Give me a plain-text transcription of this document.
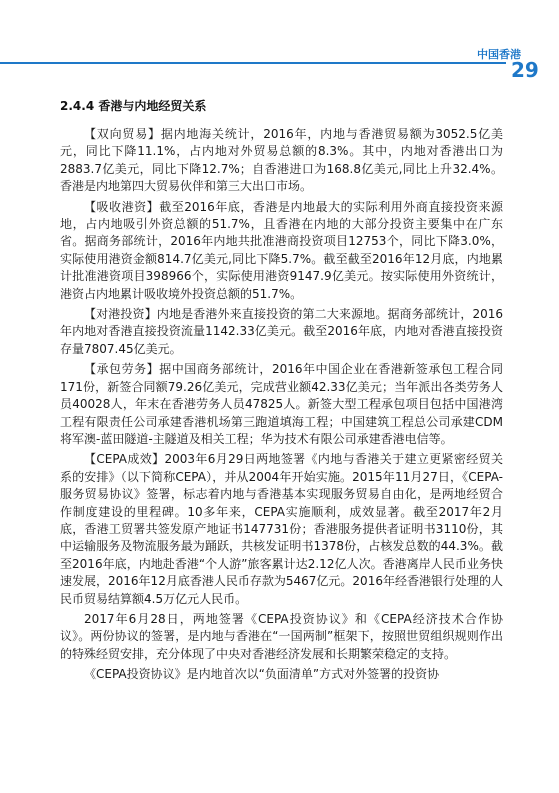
中国香港
29
2.4.4 香港与内地经贸关系

【双向贸易】据内地海关统计，2016年，内地与香港贸易额为3052.5亿美元，同比下降11.1%，占内地对外贸易总额的8.3%。其中，内地对香港出口为2883.7亿美元，同比下降12.7%；自香港进口为168.8亿美元,同比上升32.4%。香港是内地第四大贸易伙伴和第三大出口市场。

【吸收港资】截至2016年底，香港是内地最大的实际利用外商直接投资来源地，占内地吸引外资总额的51.7%，且香港在内地的大部分投资主要集中在广东省。据商务部统计，2016年内地共批准港商投资项目12753个，同比下降3.0%，实际使用港资金额814.7亿美元,同比下降5.7%。截至截至2016年12月底，内地累计批准港资项目398966个，实际使用港资9147.9亿美元。按实际使用外资统计，港资占内地累计吸收境外投资总额的51.7%。

【对港投资】内地是香港外来直接投资的第二大来源地。据商务部统计，2016年内地对香港直接投资流量1142.33亿美元。截至2016年底，内地对香港直接投资存量7807.45亿美元。

【承包劳务】据中国商务部统计，2016年中国企业在香港新签承包工程合同171份，新签合同额79.26亿美元，完成营业额42.33亿美元；当年派出各类劳务人员40028人，年末在香港劳务人员47825人。新签大型工程承包项目包括中国港湾工程有限责任公司承建香港机场第三跑道填海工程；中国建筑工程总公司承建CDM将军澳-蓝田隧道-主隧道及相关工程；华为技术有限公司承建香港电信等。

【CEPA成效】2003年6月29日两地签署《内地与香港关于建立更紧密经贸关系的安排》（以下简称CEPA），并从2004年开始实施。2015年11月27日，《CEPA-服务贸易协议》签署，标志着内地与香港基本实现服务贸易自由化，是两地经贸合作制度建设的里程碑。10多年来，CEPA实施顺利，成效显著。截至2017年2月底，香港工贸署共签发原产地证书147731份；香港服务提供者证明书3110份，其中运输服务及物流服务最为踊跃，共核发证明书1378份，占核发总数的44.3%。截至2016年底，内地赴香港“个人游”旅客累计达2.12亿人次。香港离岸人民币业务快速发展，2016年12月底香港人民币存款为5467亿元。2016年经香港银行处理的人民币贸易结算额4.5万亿元人民币。

2017年6月28日，两地签署《CEPA投资协议》和《CEPA经济技术合作协议》。两份协议的签署，是内地与香港在“一国两制”框架下，按照世贸组织规则作出的特殊经贸安排，充分体现了中央对香港经济发展和长期繁荣稳定的支持。

《CEPA投资协议》是内地首次以“负面清单”方式对外签署的投资协
